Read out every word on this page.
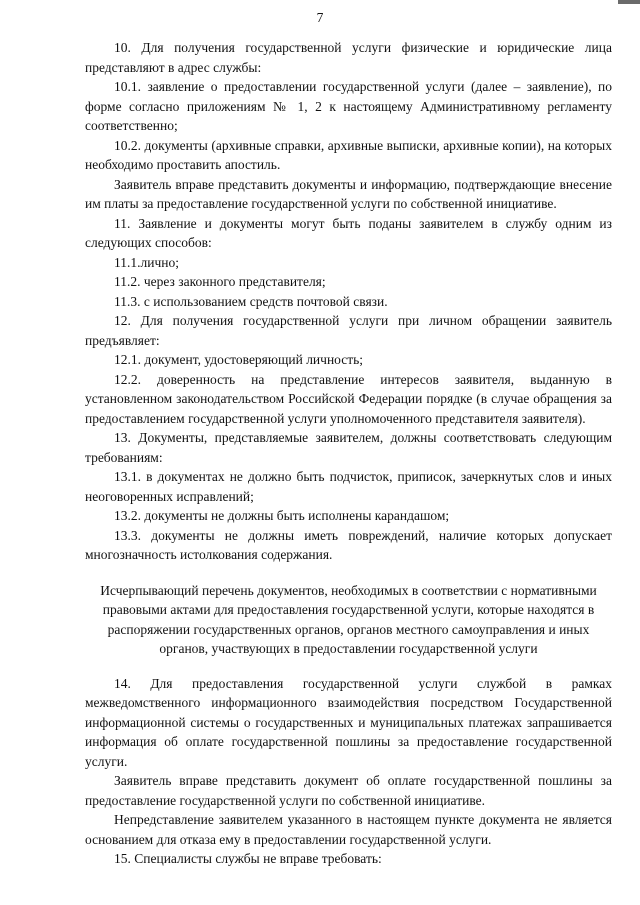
7

10. Для получения государственной услуги физические и юридические лица представляют в адрес службы:

10.1. заявление о предоставлении государственной услуги (далее – заявление), по форме согласно приложениям № 1, 2 к настоящему Административному регламенту соответственно;

10.2. документы (архивные справки, архивные выписки, архивные копии), на которых необходимо проставить апостиль.

Заявитель вправе представить документы и информацию, подтверждающие внесение им платы за предоставление государственной услуги по собственной инициативе.

11. Заявление и документы могут быть поданы заявителем в службу одним из следующих способов:

11.1.лично;

11.2. через законного представителя;

11.3. с использованием средств почтовой связи.

12. Для получения государственной услуги при личном обращении заявитель предъявляет:

12.1. документ, удостоверяющий личность;

12.2. доверенность на представление интересов заявителя, выданную в установленном законодательством Российской Федерации порядке (в случае обращения за предоставлением государственной услуги уполномоченного представителя заявителя).

13. Документы, представляемые заявителем, должны соответствовать следующим требованиям:

13.1. в документах не должно быть подчисток, приписок, зачеркнутых слов и иных неоговоренных исправлений;

13.2. документы не должны быть исполнены карандашом;

13.3. документы не должны иметь повреждений, наличие которых допускает многозначность истолкования содержания.

Исчерпывающий перечень документов, необходимых в соответствии с нормативными правовыми актами для предоставления государственной услуги, которые находятся в распоряжении государственных органов, органов местного самоуправления и иных органов, участвующих в предоставлении государственной услуги

14. Для предоставления государственной услуги службой в рамках межведомственного информационного взаимодействия посредством Государственной информационной системы о государственных и муниципальных платежах запрашивается информация об оплате государственной пошлины за предоставление государственной услуги.

Заявитель вправе представить документ об оплате государственной пошлины за предоставление государственной услуги по собственной инициативе.

Непредставление заявителем указанного в настоящем пункте документа не является основанием для отказа ему в предоставлении государственной услуги.

15. Специалисты службы не вправе требовать:
